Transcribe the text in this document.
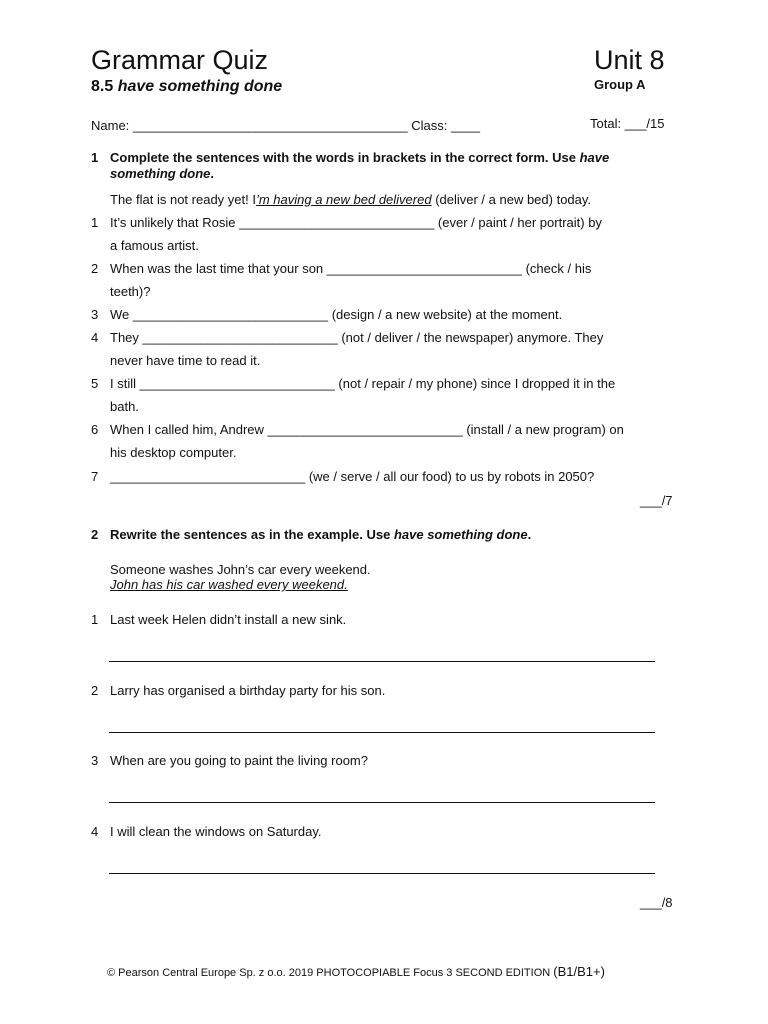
Grammar Quiz
8.5 have something done
Unit 8
Group A
Name: ______________________________________ Class: ____	Total: ___/15
1 Complete the sentences with the words in brackets in the correct form. Use have
something done.
The flat is not ready yet! I’m having a new bed delivered (deliver / a new bed) today.
1 It’s unlikely that Rosie ___________________________ (ever / paint / her portrait) by
a famous artist.
2 When was the last time that your son ___________________________ (check / his
teeth)?
3 We ___________________________ (design / a new website) at the moment.
4 They ___________________________ (not / deliver / the newspaper) anymore. They
never have time to read it.
5 I still ___________________________ (not / repair / my phone) since I dropped it in the
bath.
6 When I called him, Andrew ___________________________ (install / a new program) on
his desktop computer.
7 ___________________________ (we / serve / all our food) to us by robots in 2050?
___/7
2 Rewrite the sentences as in the example. Use have something done.
Someone washes John’s car every weekend.
John has his car washed every weekend.
1 Last week Helen didn’t install a new sink.
2 Larry has organised a birthday party for his son.
3 When are you going to paint the living room?
4 I will clean the windows on Saturday.
___/8
© Pearson Central Europe Sp. z o.o. 2019 PHOTOCOPIABLE Focus 3 SECOND EDITION (B1/B1+)
